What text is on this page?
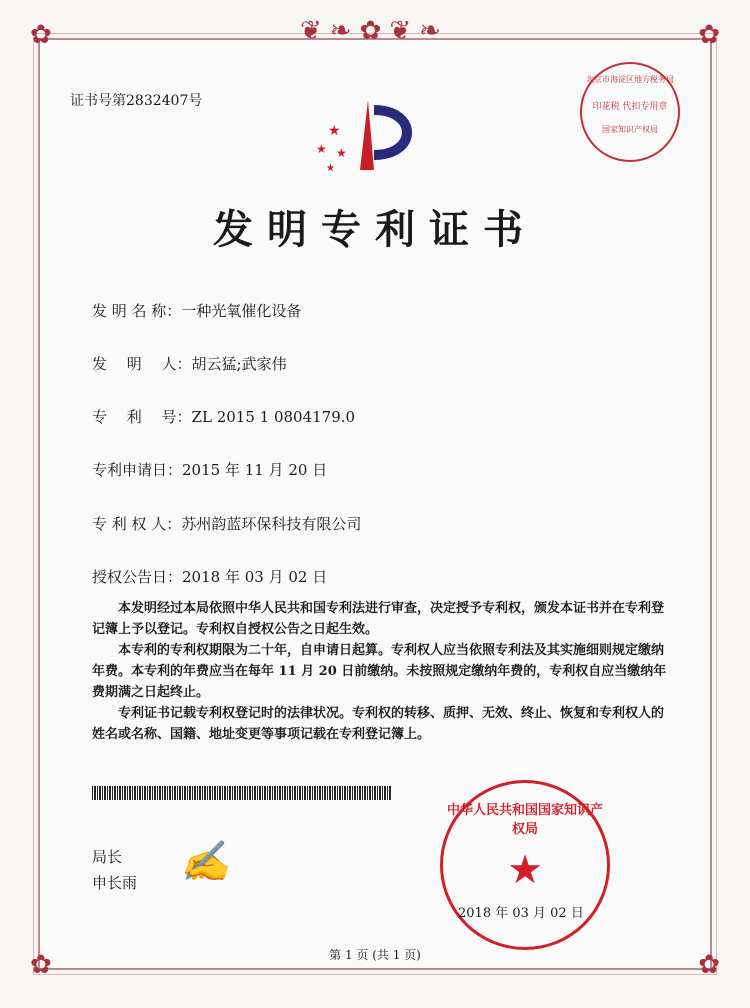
❦❧✿❦❧
✿	✿
✿	✿
证书号第2832407号
★
★ ★
★
发明专利证书
发 明 名 称：一种光氧催化设备
发　 明　 人：胡云猛;武家伟
专　 利　 号：ZL 2015 1 0804179.0
专利申请日：2015 年 11 月 20 日
专 利 权 人：苏州韵蓝环保科技有限公司
授权公告日：2018 年 03 月 02 日

本发明经过本局依照中华人民共和国专利法进行审查，决定授予专利权，颁发本证书并在专利登记簿上予以登记。专利权自授权公告之日起生效。

本专利的专利权期限为二十年，自申请日起算。专利权人应当依照专利法及其实施细则规定缴纳年费。本专利的年费应当在每年 11 月 20 日前缴纳。未按照规定缴纳年费的，专利权自应当缴纳年费期满之日起终止。

专利证书记载专利权登记时的法律状况。专利权的转移、质押、无效、终止、恢复和专利权人的姓名或名称、国籍、地址变更等事项记载在专利登记簿上。

局长
申长雨 ✍
北京市海淀区地方税务局
印花税 代扣专用章
国家知识产权局
中华人民共和国国家知识产权局
★
2018 年 03 月 02 日
第 1 页 (共 1 页)
